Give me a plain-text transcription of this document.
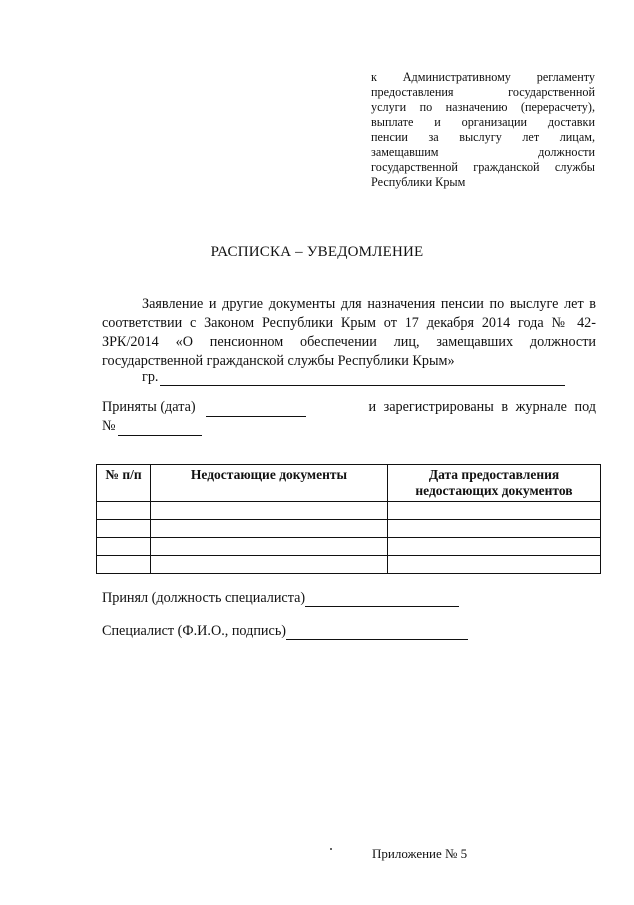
к Административному регламенту
предоставления государственной
услуги по назначению (перерасчету),
выплате и организации доставки
пенсии за выслугу лет лицам,
замещавшим должности
государственной гражданской службы
Республики Крым
РАСПИСКА – УВЕДОМЛЕНИЕ
Заявление и другие документы для назначения пенсии по выслуге лет в соответствии с Законом Республики Крым от 17 декабря 2014 года № 42-ЗРК/2014 «О пенсионном обеспечении лиц, замещавших должности государственной гражданской службы Республики Крым»
гр.
Приняты (дата)	и зарегистрированы в журнале под
№
№ п/п	Недостающие документы	Дата предоставления недостающих документов

Принял (должность специалиста)
Специалист (Ф.И.О., подпись)
Приложение № 5
